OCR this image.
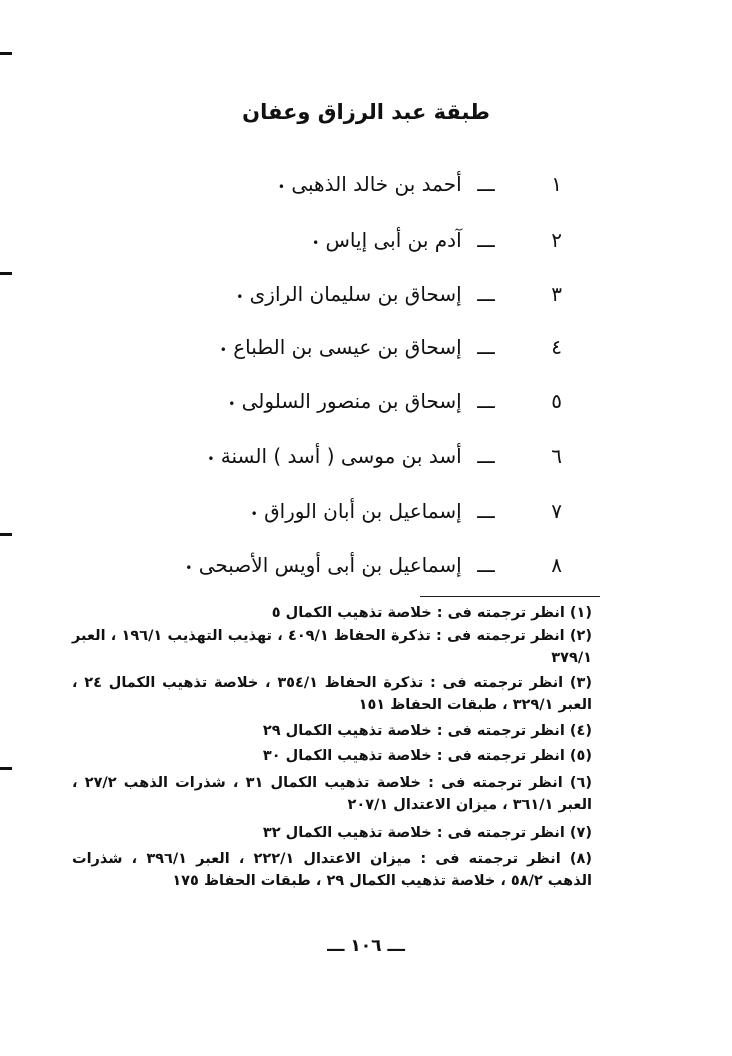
طبقة عبد الرزاق وعفان
١ـــ أحمد بن خالد الذهبى •
٢ـــ آدم بن أبى إياس •
٣ـــ إسحاق بن سليمان الرازى •
٤ـــ إسحاق بن عيسى بن الطباع •
٥ـــ إسحاق بن منصور السلولى •
٦ـــ أسد بن موسى ( أسد ) السنة •
٧ـــ إسماعيل بن أبان الوراق •
٨ـــ إسماعيل بن أبى أويس الأصبحى •
(١) انظر ترجمته فى : خلاصة تذهيب الكمال ٥
(٢) انظر ترجمته فى : تذكرة الحفاظ ٤٠٩/١ ، تهذيب التهذيب ١٩٦/١ ، العبر ٣٧٩/١
(٣) انظر ترجمته فى : تذكرة الحفاظ ٣٥٤/١ ، خلاصة تذهيب الكمال ٢٤ ، العبر ٣٢٩/١ ، طبقات الحفاظ ١٥١
(٤) انظر ترجمته فى : خلاصة تذهيب الكمال ٢٩
(٥) انظر ترجمته فى : خلاصة تذهيب الكمال ٣٠
(٦) انظر ترجمته فى : خلاصة تذهيب الكمال ٣١ ، شذرات الذهب ٢٧/٢ ، العبر ٣٦١/١ ، ميزان الاعتدال ٢٠٧/١
(٧) انظر ترجمته فى : خلاصة تذهيب الكمال ٣٢
(٨) انظر ترجمته فى : ميزان الاعتدال ٢٢٢/١ ، العبر ٣٩٦/١ ، شذرات الذهب ٥٨/٢ ، خلاصة تذهيب الكمال ٢٩ ، طبقات الحفاظ ١٧٥
ـــ ١٠٦ ـــ
